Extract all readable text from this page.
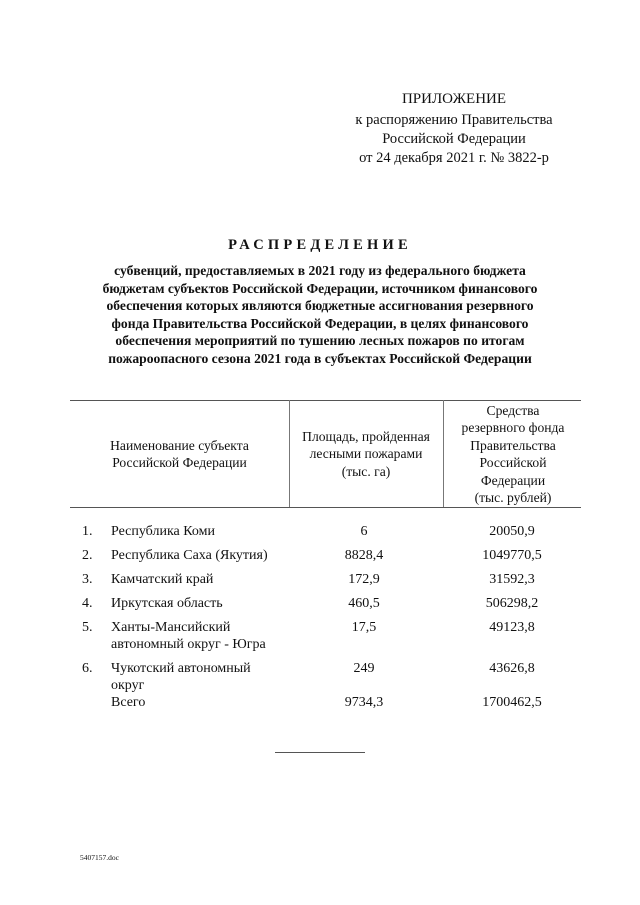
ПРИЛОЖЕНИЕ
к распоряжению Правительства
Российской Федерации
от 24 декабря 2021 г. № 3822-р
РАСПРЕДЕЛЕНИЕ
субвенций, предоставляемых в 2021 году из федерального бюджета
бюджетам субъектов Российской Федерации, источником финансового
обеспечения которых являются бюджетные ассигнования резервного
фонда Правительства Российской Федерации, в целях финансового
обеспечения мероприятий по тушению лесных пожаров по итогам
пожароопасного сезона 2021 года в субъектах Российской Федерации
Наименование субъекта
Российской Федерации
Площадь, пройденная
лесными пожарами
(тыс. га)
Средства
резервного фонда
Правительства
Российской
Федерации
(тыс. рублей)
1. Республика Коми	6	20050,9
2. Республика Саха (Якутия)	8828,4	1049770,5
3. Камчатский край	172,9	31592,3
4. Иркутская область	460,5	506298,2
5. Ханты-Мансийский
автономный округ - Югра
17,5	49123,8
6. Чукотский автономный
округ
249	43626,8
Всего	9734,3	1700462,5
5407157.doc
